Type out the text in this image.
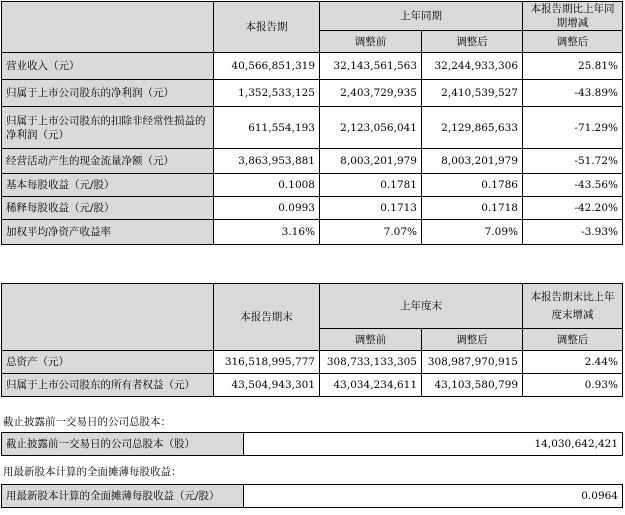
	本报告期	上年同期		本报告期比上年同期增减
		调整前	调整后	调整后
营业收入（元）	40,566,851,319	32,143,561,563	32,244,933,306	25.81%
归属于上市公司股东的净利润（元）	1,352,533,125	2,403,729,935	2,410,539,527	-43.89%
归属于上市公司股东的扣除非经常性损益的净利润（元）	611,554,193	2,123,056,041	2,129,865,633	-71.29%
经营活动产生的现金流量净额（元）	3,863,953,881	8,003,201,979	8,003,201,979	-51.72%
基本每股收益（元/股）	0.1008	0.1781	0.1786	-43.56%
稀释每股收益（元/股）	0.0993	0.1713	0.1718	-42.20%
加权平均净资产收益率	3.16%	7.07%	7.09%	-3.93%
	本报告期末	上年度末		本报告期末比上年度末增减
		调整前	调整后	调整后
总资产（元）	316,518,995,777	308,733,133,305	308,987,970,915	2.44%
归属于上市公司股东的所有者权益（元）	43,504,943,301	43,034,234,611	43,103,580,799	0.93%
截止披露前一交易日的公司总股本：
截止披露前一交易日的公司总股本（股）	14,030,642,421
用最新股本计算的全面摊薄每股收益：
用最新股本计算的全面摊薄每股收益（元/股）	0.0964
